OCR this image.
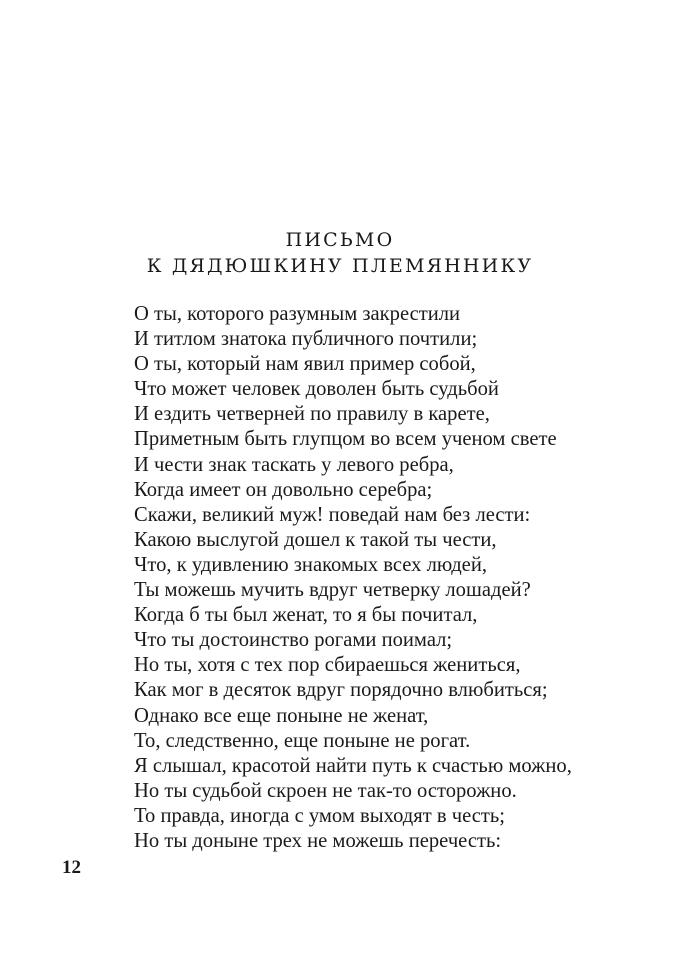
ПИСЬМО
К ДЯДЮШКИНУ ПЛЕМЯННИКУ
О ты, которого разумным закрестили
И титлом знатока публичного почтили;
О ты, который нам явил пример собой,
Что может человек доволен быть судьбой
И ездить четверней по правилу в карете,
Приметным быть глупцом во всем ученом свете
И чести знак таскать у левого ребра,
Когда имеет он довольно серебра;
Скажи, великий муж! поведай нам без лести:
Какою выслугой дошел к такой ты чести,
Что, к удивлению знакомых всех людей,
Ты можешь мучить вдруг четверку лошадей?
Когда б ты был женат, то я бы почитал,
Что ты достоинство рогами поимал;
Но ты, хотя с тех пор сбираешься жениться,
Как мог в десяток вдруг порядочно влюбиться;
Однако все еще поныне не женат,
То, следственно, еще поныне не рогат.
Я слышал, красотой найти путь к счастью можно,
Но ты судьбой скроен не так-то осторожно.
То правда, иногда с умом выходят в честь;
Но ты доныне трех не можешь перечесть:
12
